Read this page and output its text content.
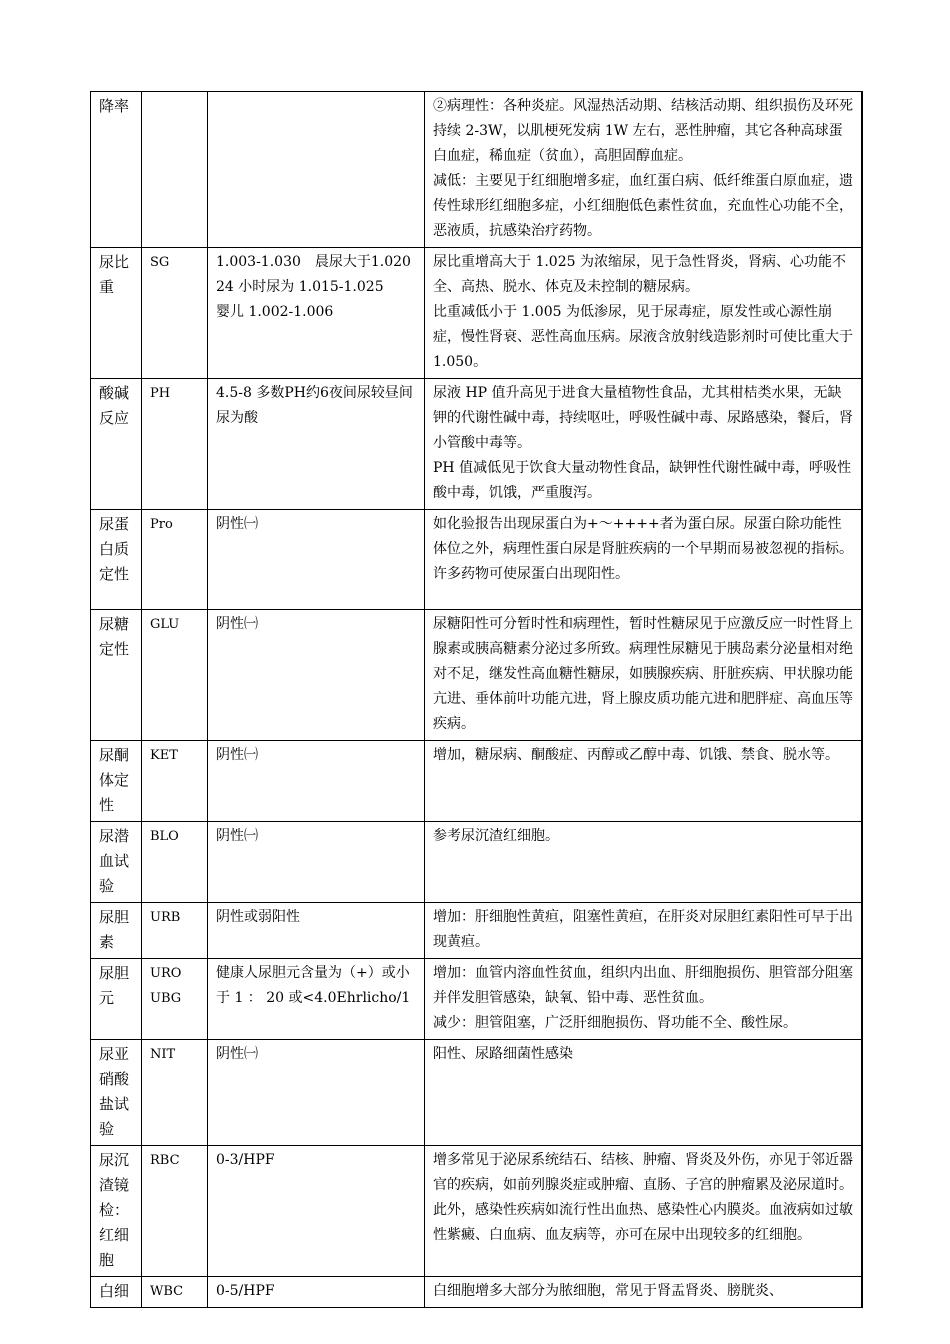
降率			②病理性：各种炎症。风湿热活动期、结核活动期、组织损伤及环死持续 2-3W，以肌梗死发病 1W 左右，恶性肿瘤，其它各种高球蛋白血症，稀血症（贫血），高胆固醇血症。
减低：主要见于红细胞增多症，血红蛋白病、低纤维蛋白原血症，遗传性球形红细胞多症，小红细胞低色素性贫血，充血性心功能不全，恶液质，抗感染治疗药物。

尿比
重	SG	1.003-1.030　晨尿大于1.020
24 小时尿为 1.015-1.025
婴儿 1.002-1.006	尿比重增高大于 1.025 为浓缩尿，见于急性肾炎，肾病、心功能不全、高热、脱水、体克及未控制的糖尿病。
比重减低小于 1.005 为低渗尿，见于尿毒症，原发性或心源性崩症，慢性肾衰、恶性高血压病。尿液含放射线造影剂时可使比重大于 1.050。

酸碱
反应	PH	4.5-8 多数PH约6夜间尿较昼间尿为酸	尿液 HP 值升高见于进食大量植物性食品，尤其柑桔类水果，无缺钾的代谢性碱中毒，持续呕吐，呼吸性碱中毒、尿路感染，餐后，肾小管酸中毒等。
PH 值减低见于饮食大量动物性食品，缺钾性代谢性碱中毒，呼吸性酸中毒，饥饿，严重腹泻。

尿蛋
白质
定性	Pro	阴性㈠	如化验报告出现尿蛋白为+～++++者为蛋白尿。尿蛋白除功能性体位之外，病理性蛋白尿是肾脏疾病的一个早期而易被忽视的指标。
许多药物可使尿蛋白出现阳性。

尿糖
定性	GLU	阴性㈠	尿糖阳性可分暂时性和病理性，暂时性糖尿见于应激反应一时性肾上腺素或胰高糖素分泌过多所致。病理性尿糖见于胰岛素分泌量相对绝对不足，继发性高血糖性糖尿，如胰腺疾病、肝脏疾病、甲状腺功能亢进、垂体前叶功能亢进，肾上腺皮质功能亢进和肥胖症、高血压等疾病。

尿酮
体定
性	KET	阴性㈠	增加，糖尿病、酮酸症、丙醇或乙醇中毒、饥饿、禁食、脱水等。

尿潜
血试
验	BLO	阴性㈠	参考尿沉渣红细胞。

尿胆
素	URB	阴性或弱阳性	增加：肝细胞性黄疸，阻塞性黄疸，在肝炎对尿胆红素阳性可早于出现黄疸。

尿胆
元	URO
UBG	健康人尿胆元含量为（+）或小于 1 ： 20 或<4.0Ehrlicho/1	增加：血管内溶血性贫血，组织内出血、肝细胞损伤、胆管部分阻塞并伴发胆管感染，缺氧、铅中毒、恶性贫血。
减少：胆管阻塞，广泛肝细胞损伤、肾功能不全、酸性尿。

尿亚
硝酸
盐试
验	NIT	阴性㈠	阳性、尿路细菌性感染

尿沉
渣镜
检：
红细
胞	RBC	0-3/HPF	增多常见于泌尿系统结石、结核、肿瘤、肾炎及外伤，亦见于邻近器官的疾病，如前列腺炎症或肿瘤、直肠、子宫的肿瘤累及泌尿道时。此外，感染性疾病如流行性出血热、感染性心内膜炎。血液病如过敏性紫癜、白血病、血友病等，亦可在尿中出现较多的红细胞。

白细	WBC	0-5/HPF	白细胞增多大部分为脓细胞，常见于肾盂肾炎、膀胱炎、
